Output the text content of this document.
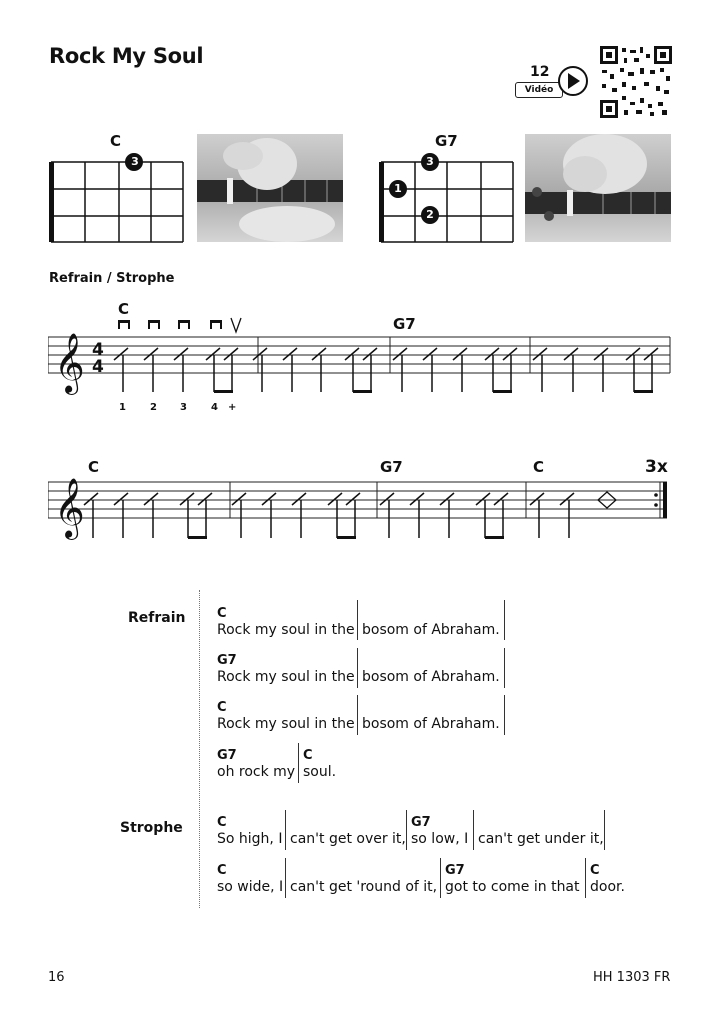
Rock My Soul
12
Vidéo
C
3
G7
3
1
2
Refrain / Strophe
C
G7
𝄞 4
4
1 2 3 4 +
C	G7	C	3x
𝄞
Refrain
Strophe
C
Rock my soul in the bosom of Abraham.
G7
Rock my soul in the bosom of Abraham.
C
Rock my soul in the bosom of Abraham.
G7
oh rock my
C
soul.
C
So high, I can't get over it,
G7
so low, I can't get under it,
C
so wide, I can't get 'round of it,
G7
got to come in that
C
door.
16	HH 1303 FR
